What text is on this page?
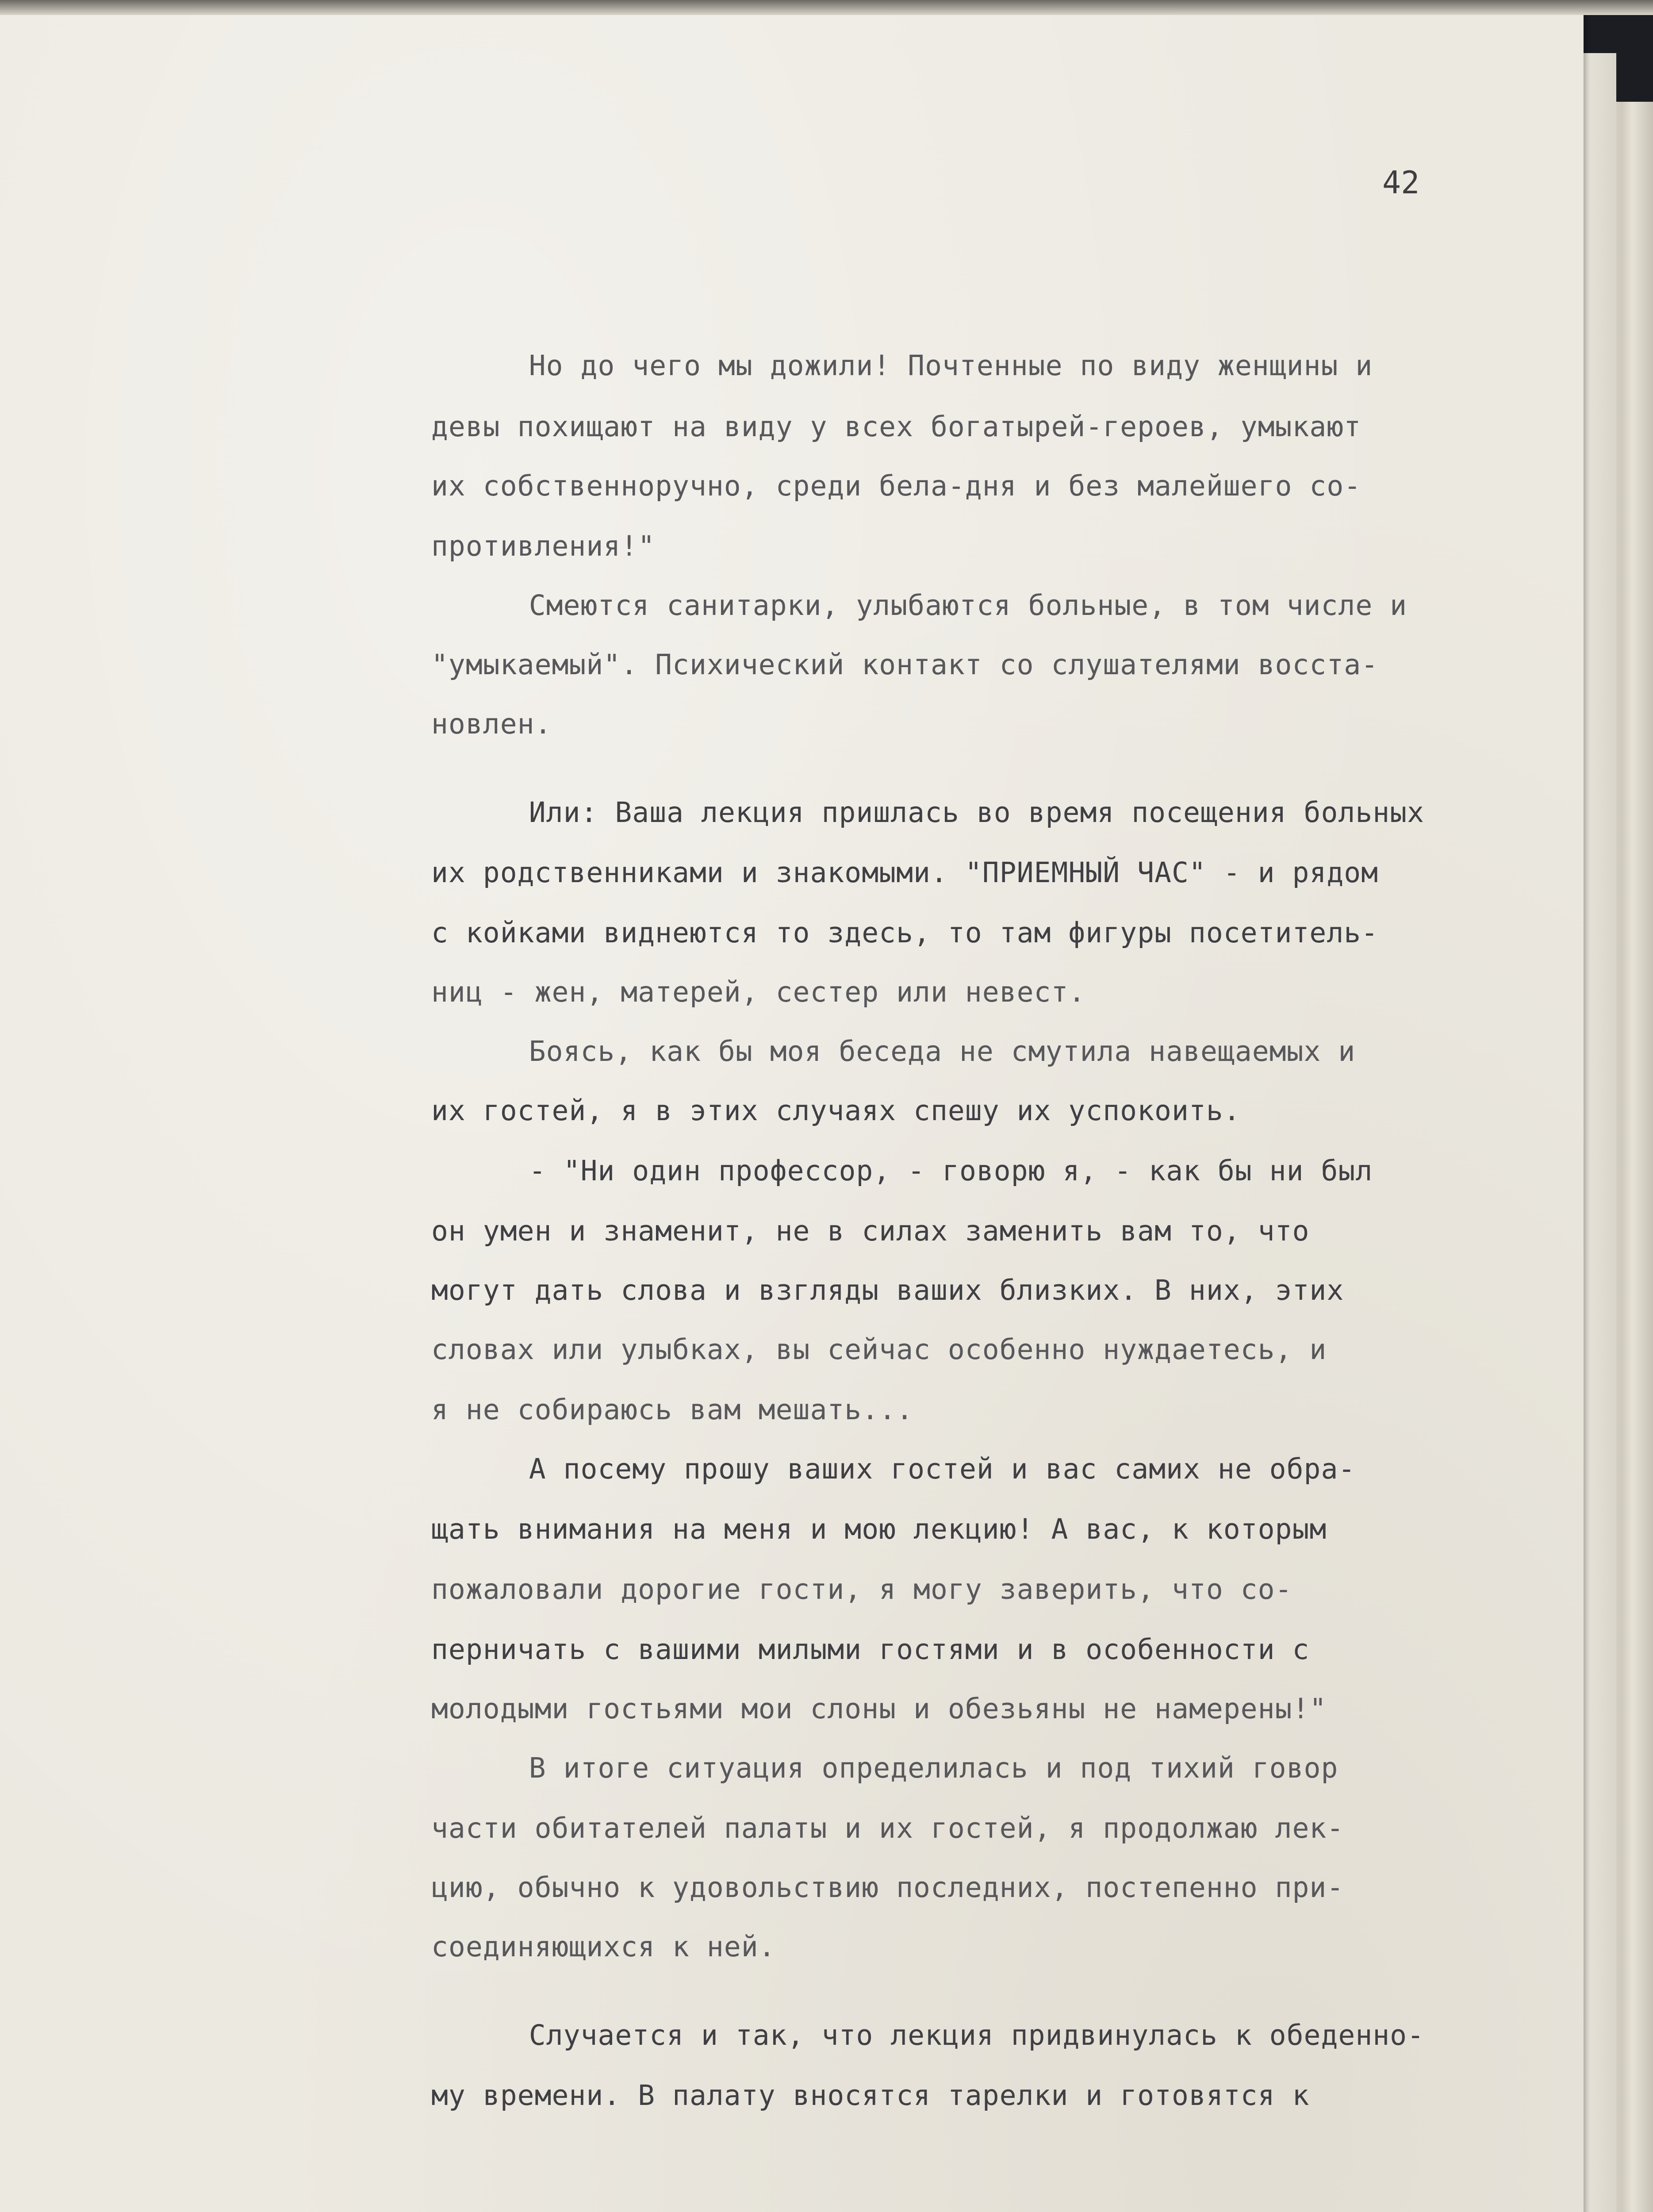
42

Но до чего мы дожили! Почтенные по виду женщины и

девы похищают на виду у всех богатырей-героев, умыкают

их собственноручно, среди бела-дня и без малейшего со-

противления!"

Смеются санитарки, улыбаются больные, в том числе и

"умыкаемый". Психический контакт со слушателями восста-

новлен.

Или: Ваша лекция пришлась во время посещения больных

их родственниками и знакомыми. "ПРИЕМНЫЙ ЧАС" - и рядом

с койками виднеются то здесь, то там фигуры посетитель-

ниц - жен, матерей, сестер или невест.

Боясь, как бы моя беседа не смутила навещаемых и

их гостей, я в этих случаях спешу их успокоить.

- "Ни один профессор, - говорю я, - как бы ни был

он умен и знаменит, не в силах заменить вам то, что

могут дать слова и взгляды ваших близких. В них, этих

словах или улыбках, вы сейчас особенно нуждаетесь, и

я не собираюсь вам мешать...

А посему прошу ваших гостей и вас самих не обра-

щать внимания на меня и мою лекцию! А вас, к которым

пожаловали дорогие гости, я могу заверить, что со-

перничать с вашими милыми гостями и в особенности с

молодыми гостьями мои слоны и обезьяны не намерены!"

В итоге ситуация определилась и под тихий говор

части обитателей палаты и их гостей, я продолжаю лек-

цию, обычно к удовольствию последних, постепенно при-

соединяющихся к ней.

Случается и так, что лекция придвинулась к обеденно-

му времени. В палату вносятся тарелки и готовятся к
